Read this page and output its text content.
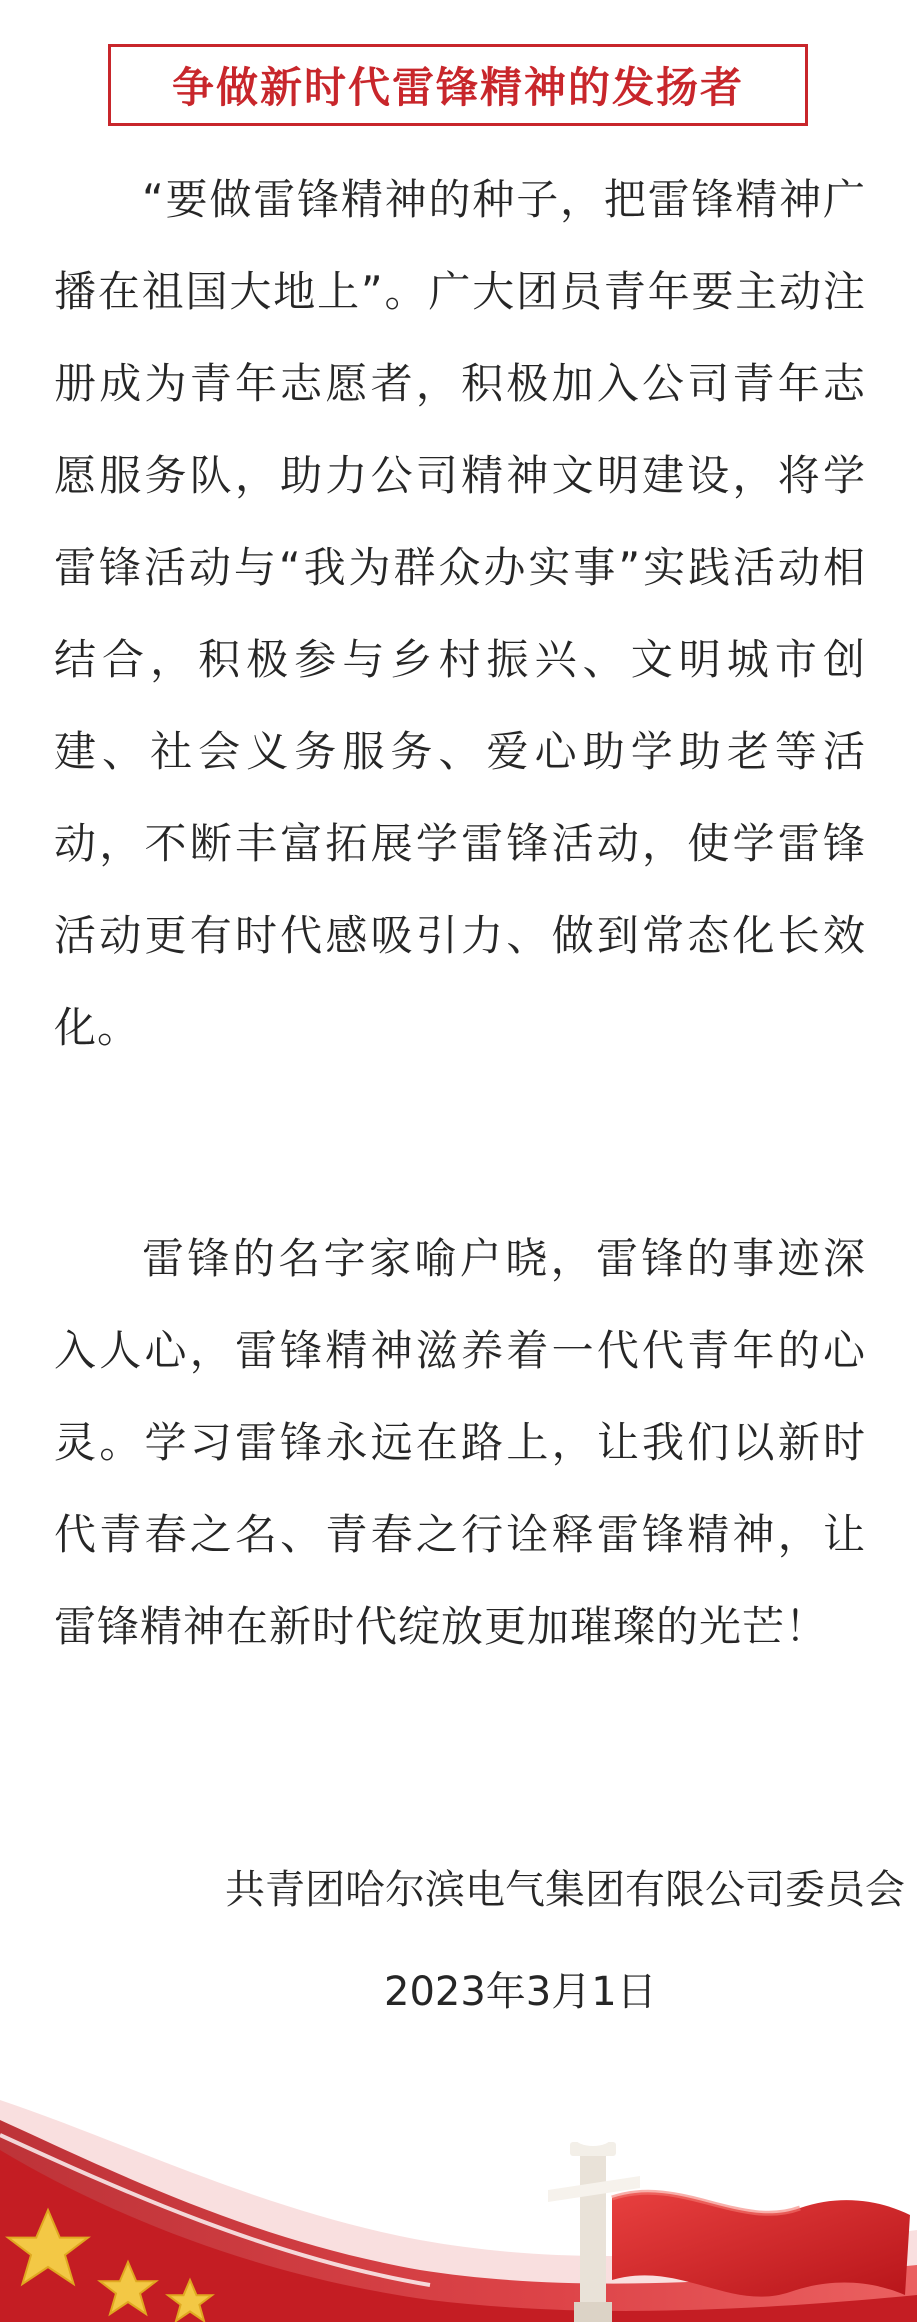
争做新时代雷锋精神的发扬者

“要做雷锋精神的种子，把雷锋精神广播在祖国大地上”。广大团员青年要主动注册成为青年志愿者，积极加入公司青年志愿服务队，助力公司精神文明建设，将学雷锋活动与“我为群众办实事”实践活动相结合，积极参与乡村振兴、文明城市创建、社会义务服务、爱心助学助老等活动，不断丰富拓展学雷锋活动，使学雷锋活动更有时代感吸引力、做到常态化长效化。

雷锋的名字家喻户晓，雷锋的事迹深入人心，雷锋精神滋养着一代代青年的心灵。学习雷锋永远在路上，让我们以新时代青春之名、青春之行诠释雷锋精神，让雷锋精神在新时代绽放更加璀璨的光芒！

共青团哈尔滨电气集团有限公司委员会
2023年3月1日
